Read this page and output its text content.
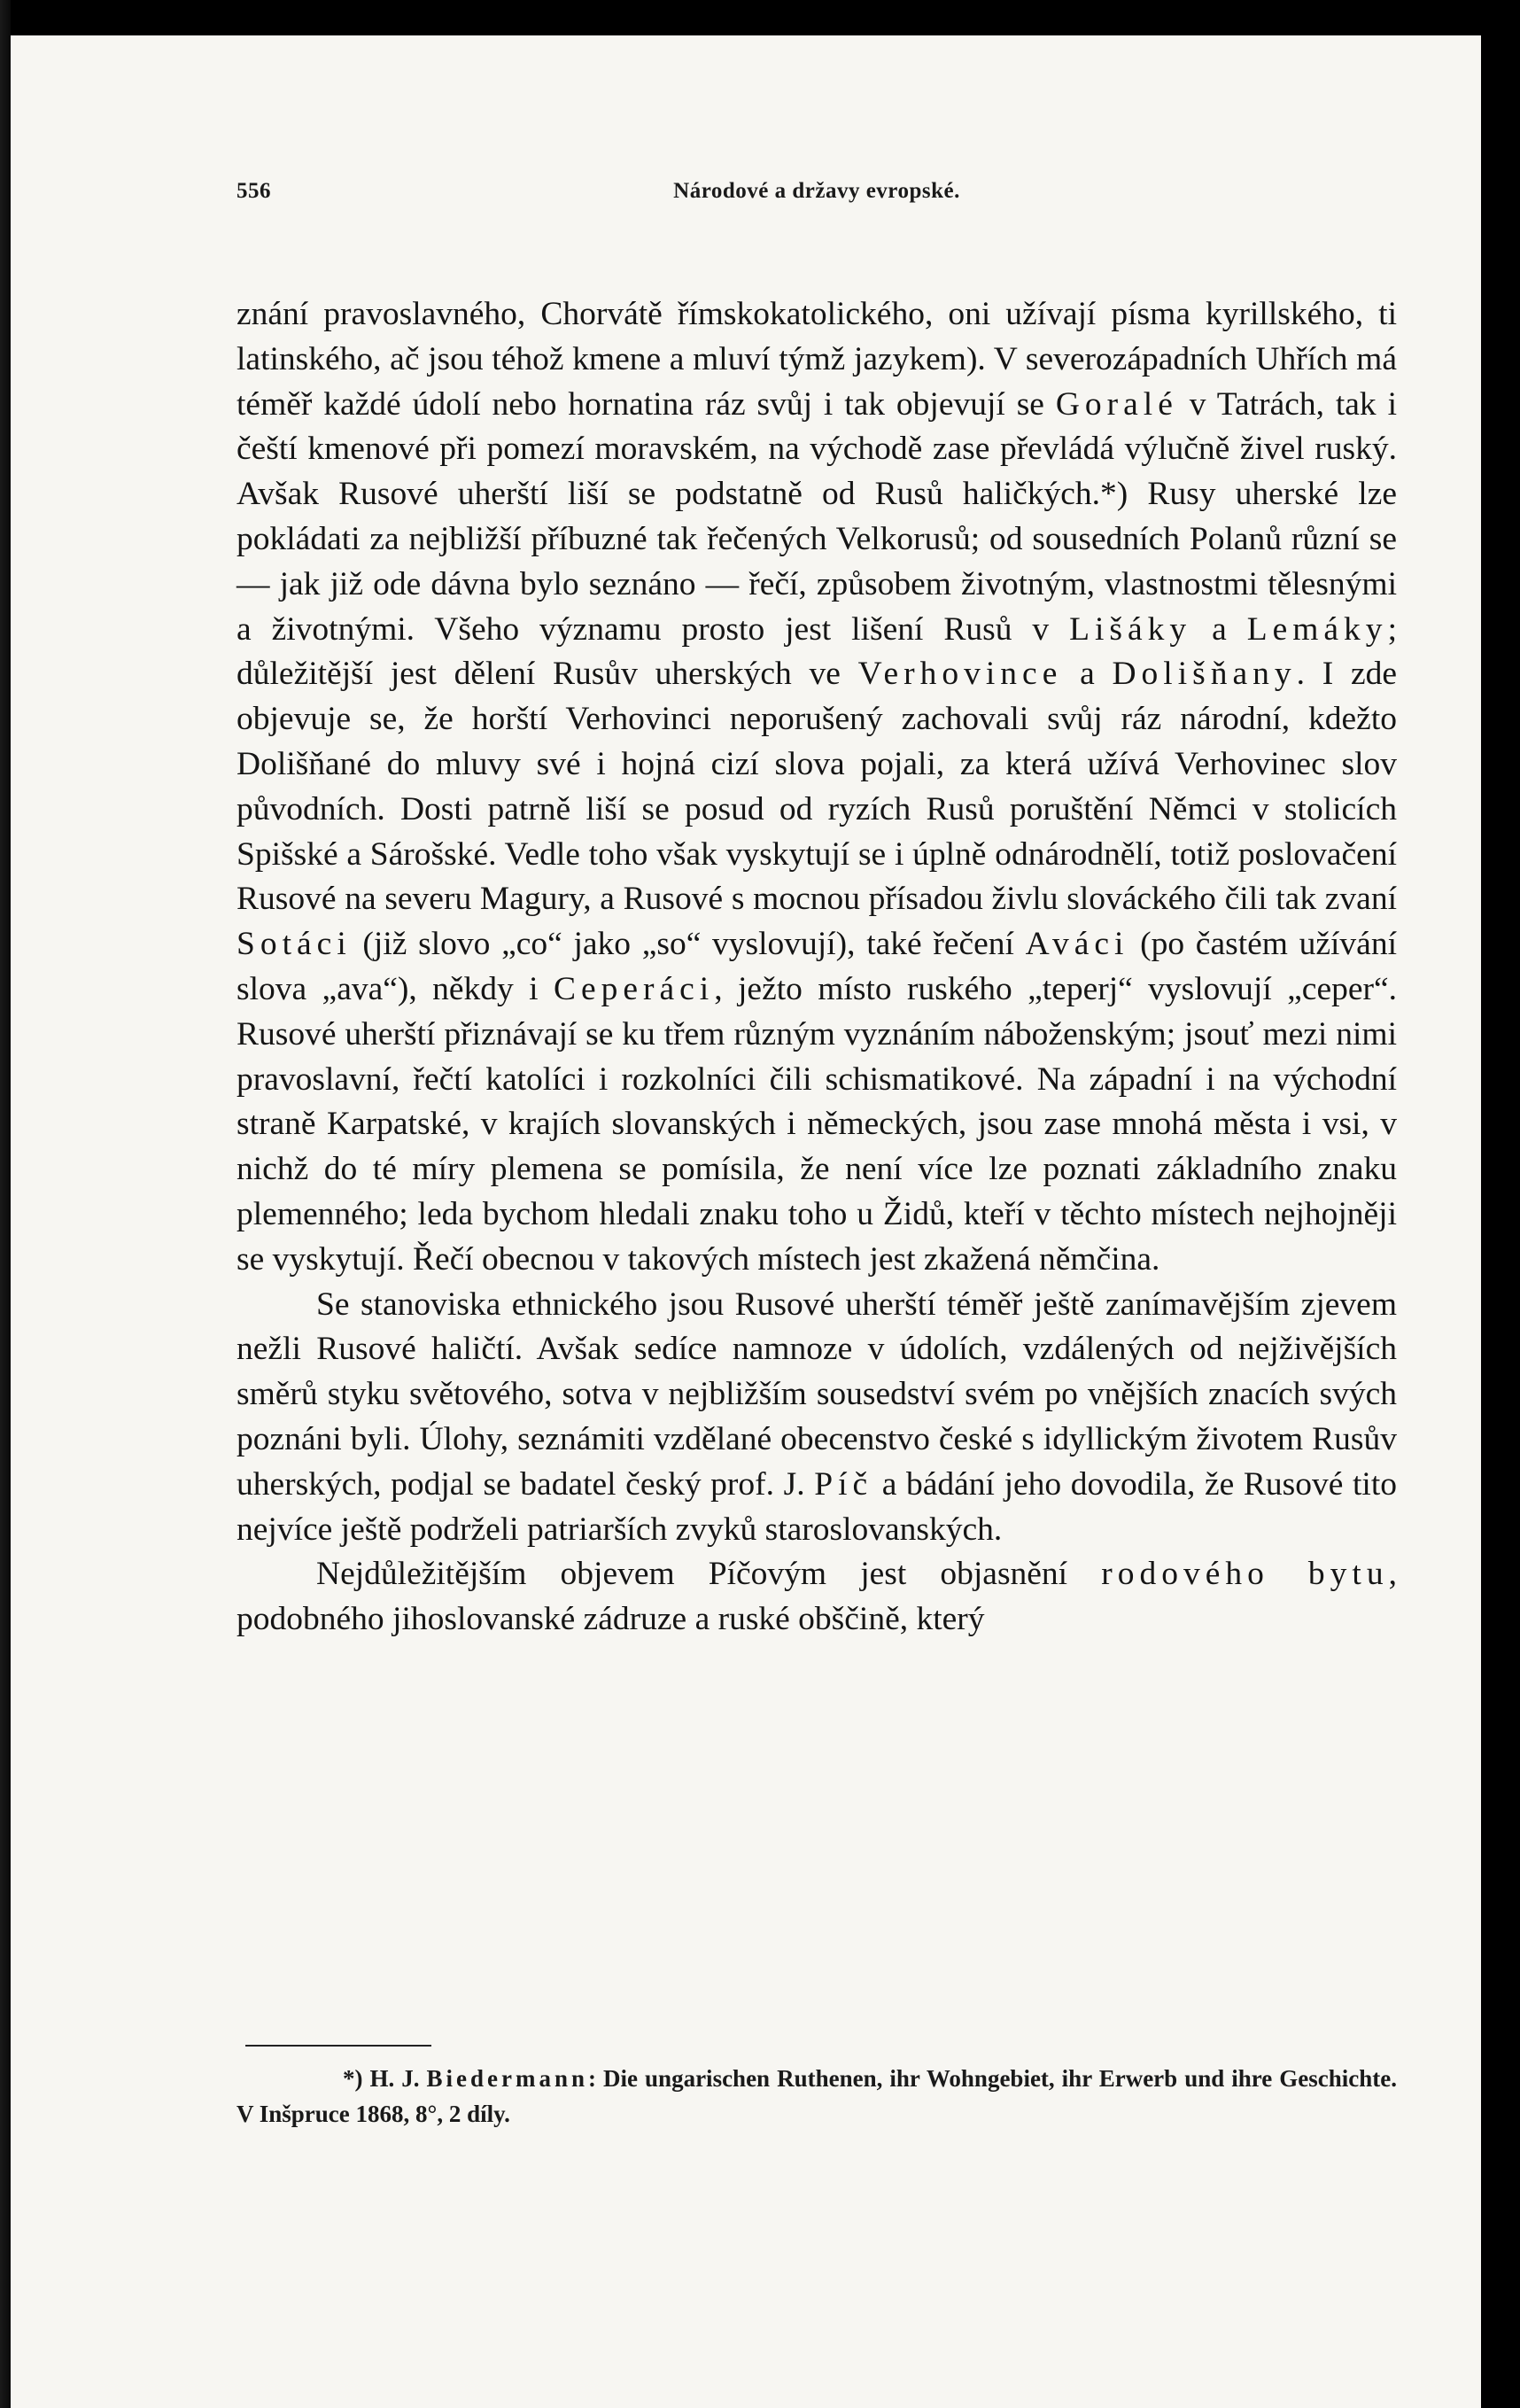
556	Národové a državy evropské.

znání pravoslavného, Chorvátě římskokatolického, oni užívají písma kyrillského, ti latinského, ač jsou téhož kmene a mluví týmž jazykem). V severozápadních Uhřích má téměř každé údolí nebo hornatina ráz svůj i tak objevují se Goralé v Tatrách, tak i čeští kmenové při pomezí moravském, na východě zase převládá výlučně živel ruský. Avšak Rusové uherští liší se podstatně od Rusů haličkých.*) Rusy uherské lze pokládati za nejbližší příbuzné tak řečených Velkorusů; od sousedních Polanů různí se — jak již ode dávna bylo seznáno — řečí, způsobem životným, vlastnostmi tělesnými a životnými. Všeho významu prosto jest lišení Rusů v Lišáky a Lemáky; důležitější jest dělení Rusův uherských ve Verhovince a Dolišňany. I zde objevuje se, že horští Verhovinci neporušený zachovali svůj ráz národní, kdežto Dolišňané do mluvy své i hojná cizí slova pojali, za která užívá Verhovinec slov původních. Dosti patrně liší se posud od ryzích Rusů poruštění Němci v stolicích Spišské a Sárošské. Vedle toho však vyskytují se i úplně odnárodnělí, totiž poslovačení Rusové na severu Magury, a Rusové s mocnou přísadou živlu slováckého čili tak zvaní Sotáci (již slovo „co“ jako „so“ vyslovují), také řečení Aváci (po častém užívání slova „ava“), někdy i Ceperáci, ježto místo ruského „teperj“ vyslovují „ceper“. Rusové uherští přiznávají se ku třem různým vyznáním náboženským; jsouť mezi nimi pravoslavní, řečtí katolíci i rozkolníci čili schismatikové. Na západní i na východní straně Karpatské, v krajích slovanských i německých, jsou zase mnohá města i vsi, v nichž do té míry plemena se pomísila, že není více lze poznati základního znaku plemenného; leda bychom hledali znaku toho u Židů, kteří v těchto místech nejhojněji se vyskytují. Řečí obecnou v takových místech jest zkažená němčina.

Se stanoviska ethnického jsou Rusové uherští téměř ještě zanímavějším zjevem nežli Rusové haličtí. Avšak sedíce namnoze v údolích, vzdálených od nejživějších směrů styku světového, sotva v nejbližším sousedství svém po vnějších znacích svých poznáni byli. Úlohy, seznámiti vzdělané obecenstvo české s idyllickým životem Rusův uherských, podjal se badatel český prof. J. Píč a bádání jeho dovodila, že Rusové tito nejvíce ještě podrželi patriarších zvyků staroslovanských.

Nejdůležitějším objevem Píčovým jest objasnění rodového bytu, podobného jihoslovanské zádruze a ruské obščině, který

*) H. J. Biedermann: Die ungarischen Ruthenen, ihr Wohngebiet, ihr Erwerb und ihre Geschichte. V Inšpruce 1868, 8°, 2 díly.
